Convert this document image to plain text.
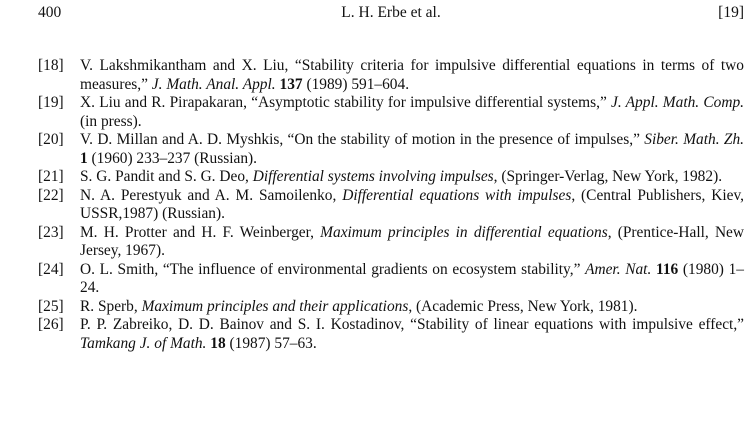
400	L. H. Erbe et al.	[19]
[18]	V. Lakshmikantham and X. Liu, “Stability criteria for impulsive differential equations in terms of two measures,” J. Math. Anal. Appl. 137 (1989) 591–604.
[19]	X. Liu and R. Pirapakaran, “Asymptotic stability for impulsive differential systems,” J. Appl. Math. Comp. (in press).
[20]	V. D. Millan and A. D. Myshkis, “On the stability of motion in the presence of impulses,” Siber. Math. Zh. 1 (1960) 233–237 (Russian).
[21]	S. G. Pandit and S. G. Deo, Differential systems involving impulses, (Springer-Verlag, New York, 1982).
[22]	N. A. Perestyuk and A. M. Samoilenko, Differential equations with impulses, (Central Publishers, Kiev, USSR,1987) (Russian).
[23]	M. H. Protter and H. F. Weinberger, Maximum principles in differential equations, (Prentice-Hall, New Jersey, 1967).
[24]	O. L. Smith, “The influence of environmental gradients on ecosystem stability,” Amer. Nat. 116 (1980) 1–24.
[25]	R. Sperb, Maximum principles and their applications, (Academic Press, New York, 1981).
[26]	P. P. Zabreiko, D. D. Bainov and S. I. Kostadinov, “Stability of linear equations with impulsive effect,” Tamkang J. of Math. 18 (1987) 57–63.
